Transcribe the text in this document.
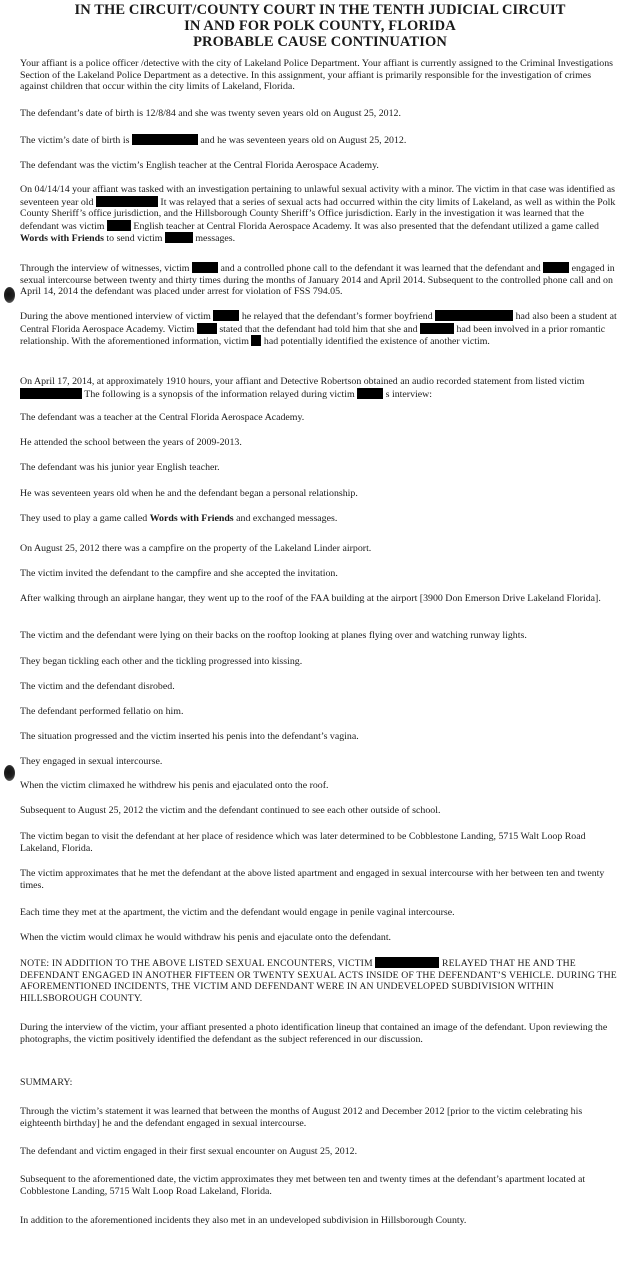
IN THE CIRCUIT/COUNTY COURT IN THE TENTH JUDICIAL CIRCUIT
IN AND FOR POLK COUNTY, FLORIDA
PROBABLE CAUSE CONTINUATION

Your affiant is a police officer /detective with the city of Lakeland Police Department. Your affiant is currently assigned to the Criminal Investigations Section of the Lakeland Police Department as a detective. In this assignment, your affiant is primarily responsible for the investigation of crimes against children that occur within the city limits of Lakeland, Florida.

The defendant’s date of birth is 12/8/84 and she was twenty seven years old on August 25, 2012.

The victim’s date of birth is	and he was seventeen years old on August 25, 2012.

The defendant was the victim’s English teacher at the Central Florida Aerospace Academy.

On 04/14/14 your affiant was tasked with an investigation pertaining to unlawful sexual activity with a minor. The victim in that case was identified as seventeen year old	It was relayed that a series of sexual acts had occurred within the city limits of Lakeland, as well as within the Polk County Sheriff’s office jurisdiction, and the Hillsborough County Sheriff’s Office jurisdiction. Early in the investigation it was learned that the defendant was victim	English teacher at Central Florida Aerospace Academy. It was also presented that the defendant utilized a game called Words with Friends to send victim	messages.

Through the interview of witnesses, victim	and a controlled phone call to the defendant it was learned that the defendant and	engaged in sexual intercourse between twenty and thirty times during the months of January 2014 and April 2014. Subsequent to the controlled phone call and on April 14, 2014 the defendant was placed under arrest for violation of FSS 794.05.

During the above mentioned interview of victim	he relayed that the defendant’s former boyfriend	had also been a student at Central Florida Aerospace Academy. Victim	stated that the defendant had told him that she and	had been involved in a prior romantic relationship. With the aforementioned information, victim had potentially identified the existence of another victim.

On April 17, 2014, at approximately 1910 hours, your affiant and Detective Robertson obtained an audio recorded statement from listed victim  The following is a synopsis of the information relayed during victim	s interview:

The defendant was a teacher at the Central Florida Aerospace Academy.

He attended the school between the years of 2009-2013.

The defendant was his junior year English teacher.

He was seventeen years old when he and the defendant began a personal relationship.

They used to play a game called Words with Friends and exchanged messages.

On August 25, 2012 there was a campfire on the property of the Lakeland Linder airport.

The victim invited the defendant to the campfire and she accepted the invitation.

After walking through an airplane hangar, they went up to the roof of the FAA building at the airport [3900 Don Emerson Drive Lakeland Florida].

The victim and the defendant were lying on their backs on the rooftop looking at planes flying over and watching runway lights.

They began tickling each other and the tickling progressed into kissing.

The victim and the defendant disrobed.

The defendant performed fellatio on him.

The situation progressed and the victim inserted his penis into the defendant’s vagina.

They engaged in sexual intercourse.

When the victim climaxed he withdrew his penis and ejaculated onto the roof.

Subsequent to August 25, 2012 the victim and the defendant continued to see each other outside of school.

The victim began to visit the defendant at her place of residence which was later determined to be Cobblestone Landing, 5715 Walt Loop Road Lakeland, Florida.

The victim approximates that he met the defendant at the above listed apartment and engaged in sexual intercourse with her between ten and twenty times.

Each time they met at the apartment, the victim and the defendant would engage in penile vaginal intercourse.

When the victim would climax he would withdraw his penis and ejaculate onto the defendant.

NOTE: IN ADDITION TO THE ABOVE LISTED SEXUAL ENCOUNTERS, VICTIM	RELAYED THAT HE AND THE DEFENDANT ENGAGED IN ANOTHER FIFTEEN OR TWENTY SEXUAL ACTS INSIDE OF THE DEFENDANT’S VEHICLE. DURING THE AFOREMENTIONED INCIDENTS, THE VICTIM AND DEFENDANT WERE IN AN UNDEVELOPED SUBDIVISION WITHIN HILLSBOROUGH COUNTY.

During the interview of the victim, your affiant presented a photo identification lineup that contained an image of the defendant. Upon reviewing the photographs, the victim positively identified the defendant as the subject referenced in our discussion.

SUMMARY:

Through the victim’s statement it was learned that between the months of August 2012 and December 2012 [prior to the victim celebrating his eighteenth birthday] he and the defendant engaged in sexual intercourse.

The defendant and victim engaged in their first sexual encounter on August 25, 2012.

Subsequent to the aforementioned date, the victim approximates they met between ten and twenty times at the defendant’s apartment located at Cobblestone Landing, 5715 Walt Loop Road Lakeland, Florida.

In addition to the aforementioned incidents they also met in an undeveloped subdivision in Hillsborough County.
